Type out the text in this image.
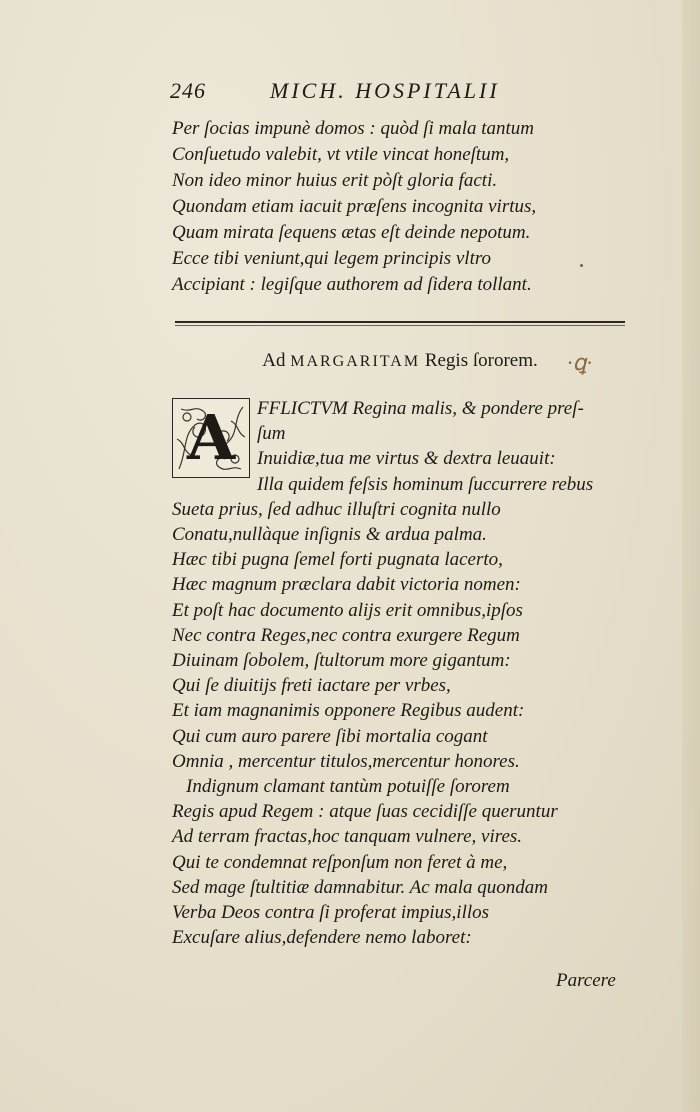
246	MICH. HOSPITALII
Per ſocias impunè domos : quòd ſi mala tantum
Conſuetudo valebit, vt vtile vincat honeſtum,
Non ideo minor huius erit pòſt gloria facti.
Quondam etiam iacuit præſens incognita virtus,
Quam mirata ſequens ætas eſt deinde nepotum.
Ecce tibi veniunt,qui legem principis vltro
Accipiant : legiſque authorem ad ſidera tollant.
Ad MARGARITAM Regis ſororem.	·ꝗ·
A	FFLICTVM Regina malis, & pondere preſ-
ſum
Inuidiæ,tua me virtus & dextra leuauit:
Illa quidem feſsis hominum ſuccurrere rebus
Sueta prius, ſed adhuc illuſtri cognita nullo
Conatu,nullàque inſignis & ardua palma.
Hæc tibi pugna ſemel forti pugnata lacerto,
Hæc magnum præclara dabit victoria nomen:
Et poſt hac documento alijs erit omnibus,ipſos
Nec contra Reges,nec contra exurgere Regum
Diuinam ſobolem, ſtultorum more gigantum:
Qui ſe diuitijs freti iactare per vrbes,
Et iam magnanimis opponere Regibus audent:
Qui cum auro parere ſibi mortalia cogant
Omnia , mercentur titulos,mercentur honores.
Indignum clamant tantùm potuiſſe ſororem
Regis apud Regem : atque ſuas cecidiſſe queruntur
Ad terram fractas,hoc tanquam vulnere, vires.
Qui te condemnat reſponſum non feret à me,
Sed mage ſtultitiæ damnabitur. Ac mala quondam
Verba Deos contra ſi proferat impius,illos
Excuſare alius,defendere nemo laboret:
Parcere
